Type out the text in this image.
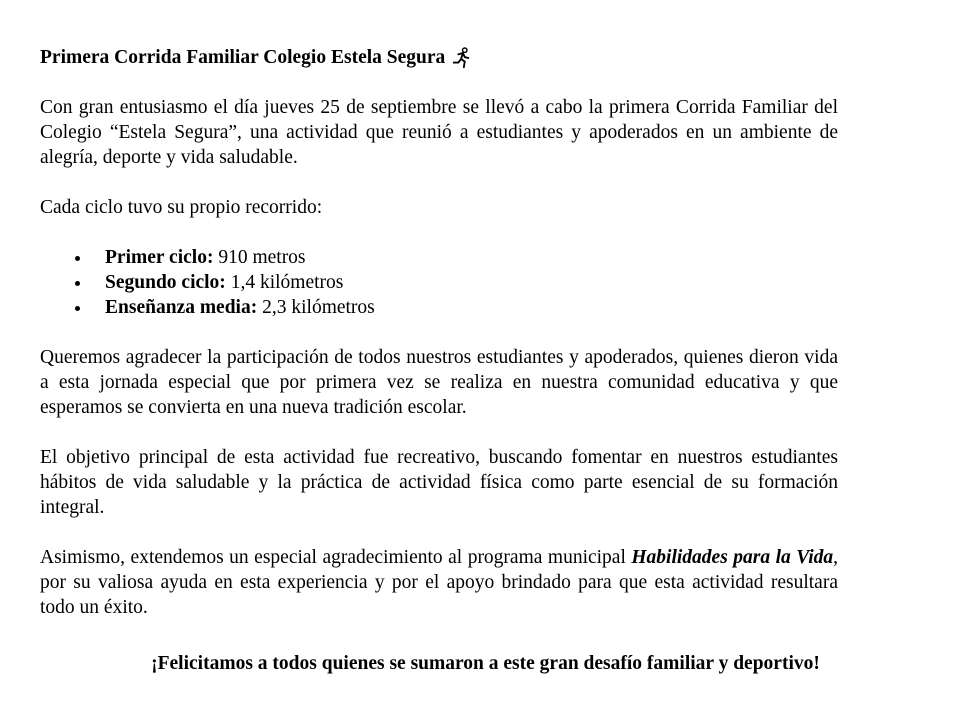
Primera Corrida Familiar Colegio Estela Segura

Con gran entusiasmo el día jueves 25 de septiembre se llevó a cabo la primera Corrida Familiar del Colegio “Estela Segura”, una actividad que reunió a estudiantes y apoderados en un ambiente de alegría, deporte y vida saludable.

Cada ciclo tuvo su propio recorrido:

Primer ciclo: 910 metros
Segundo ciclo: 1,4 kilómetros
Enseñanza media: 2,3 kilómetros

Queremos agradecer la participación de todos nuestros estudiantes y apoderados, quienes dieron vida a esta jornada especial que por primera vez se realiza en nuestra comunidad educativa y que esperamos se convierta en una nueva tradición escolar.

El objetivo principal de esta actividad fue recreativo, buscando fomentar en nuestros estudiantes hábitos de vida saludable y la práctica de actividad física como parte esencial de su formación integral.

Asimismo, extendemos un especial agradecimiento al programa municipal Habilidades para la Vida, por su valiosa ayuda en esta experiencia y por el apoyo brindado para que esta actividad resultara todo un éxito.

¡Felicitamos a todos quienes se sumaron a este gran desafío familiar y deportivo!
